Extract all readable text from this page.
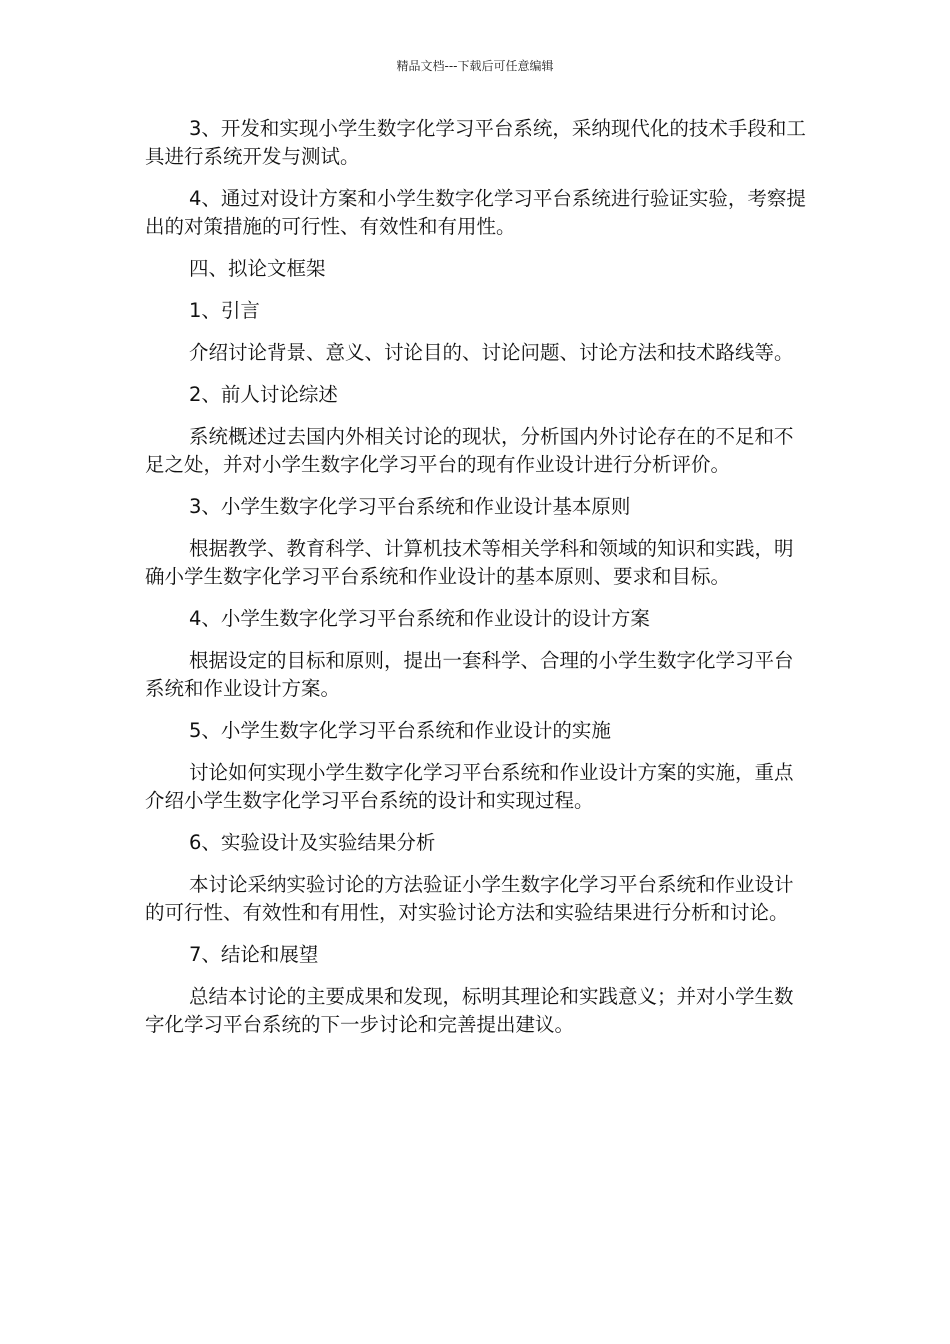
精品文档---下载后可任意编辑

3、开发和实现小学生数字化学习平台系统，采纳现代化的技术手段和工具进行系统开发与测试。

4、通过对设计方案和小学生数字化学习平台系统进行验证实验，考察提出的对策措施的可行性、有效性和有用性。

四、拟论文框架

1、引言

介绍讨论背景、意义、讨论目的、讨论问题、讨论方法和技术路线等。

2、前人讨论综述

系统概述过去国内外相关讨论的现状，分析国内外讨论存在的不足和不足之处，并对小学生数字化学习平台的现有作业设计进行分析评价。

3、小学生数字化学习平台系统和作业设计基本原则

根据教学、教育科学、计算机技术等相关学科和领域的知识和实践，明确小学生数字化学习平台系统和作业设计的基本原则、要求和目标。

4、小学生数字化学习平台系统和作业设计的设计方案

根据设定的目标和原则，提出一套科学、合理的小学生数字化学习平台系统和作业设计方案。

5、小学生数字化学习平台系统和作业设计的实施

讨论如何实现小学生数字化学习平台系统和作业设计方案的实施，重点介绍小学生数字化学习平台系统的设计和实现过程。

6、实验设计及实验结果分析

本讨论采纳实验讨论的方法验证小学生数字化学习平台系统和作业设计的可行性、有效性和有用性，对实验讨论方法和实验结果进行分析和讨论。

7、结论和展望

总结本讨论的主要成果和发现，标明其理论和实践意义；并对小学生数字化学习平台系统的下一步讨论和完善提出建议。
